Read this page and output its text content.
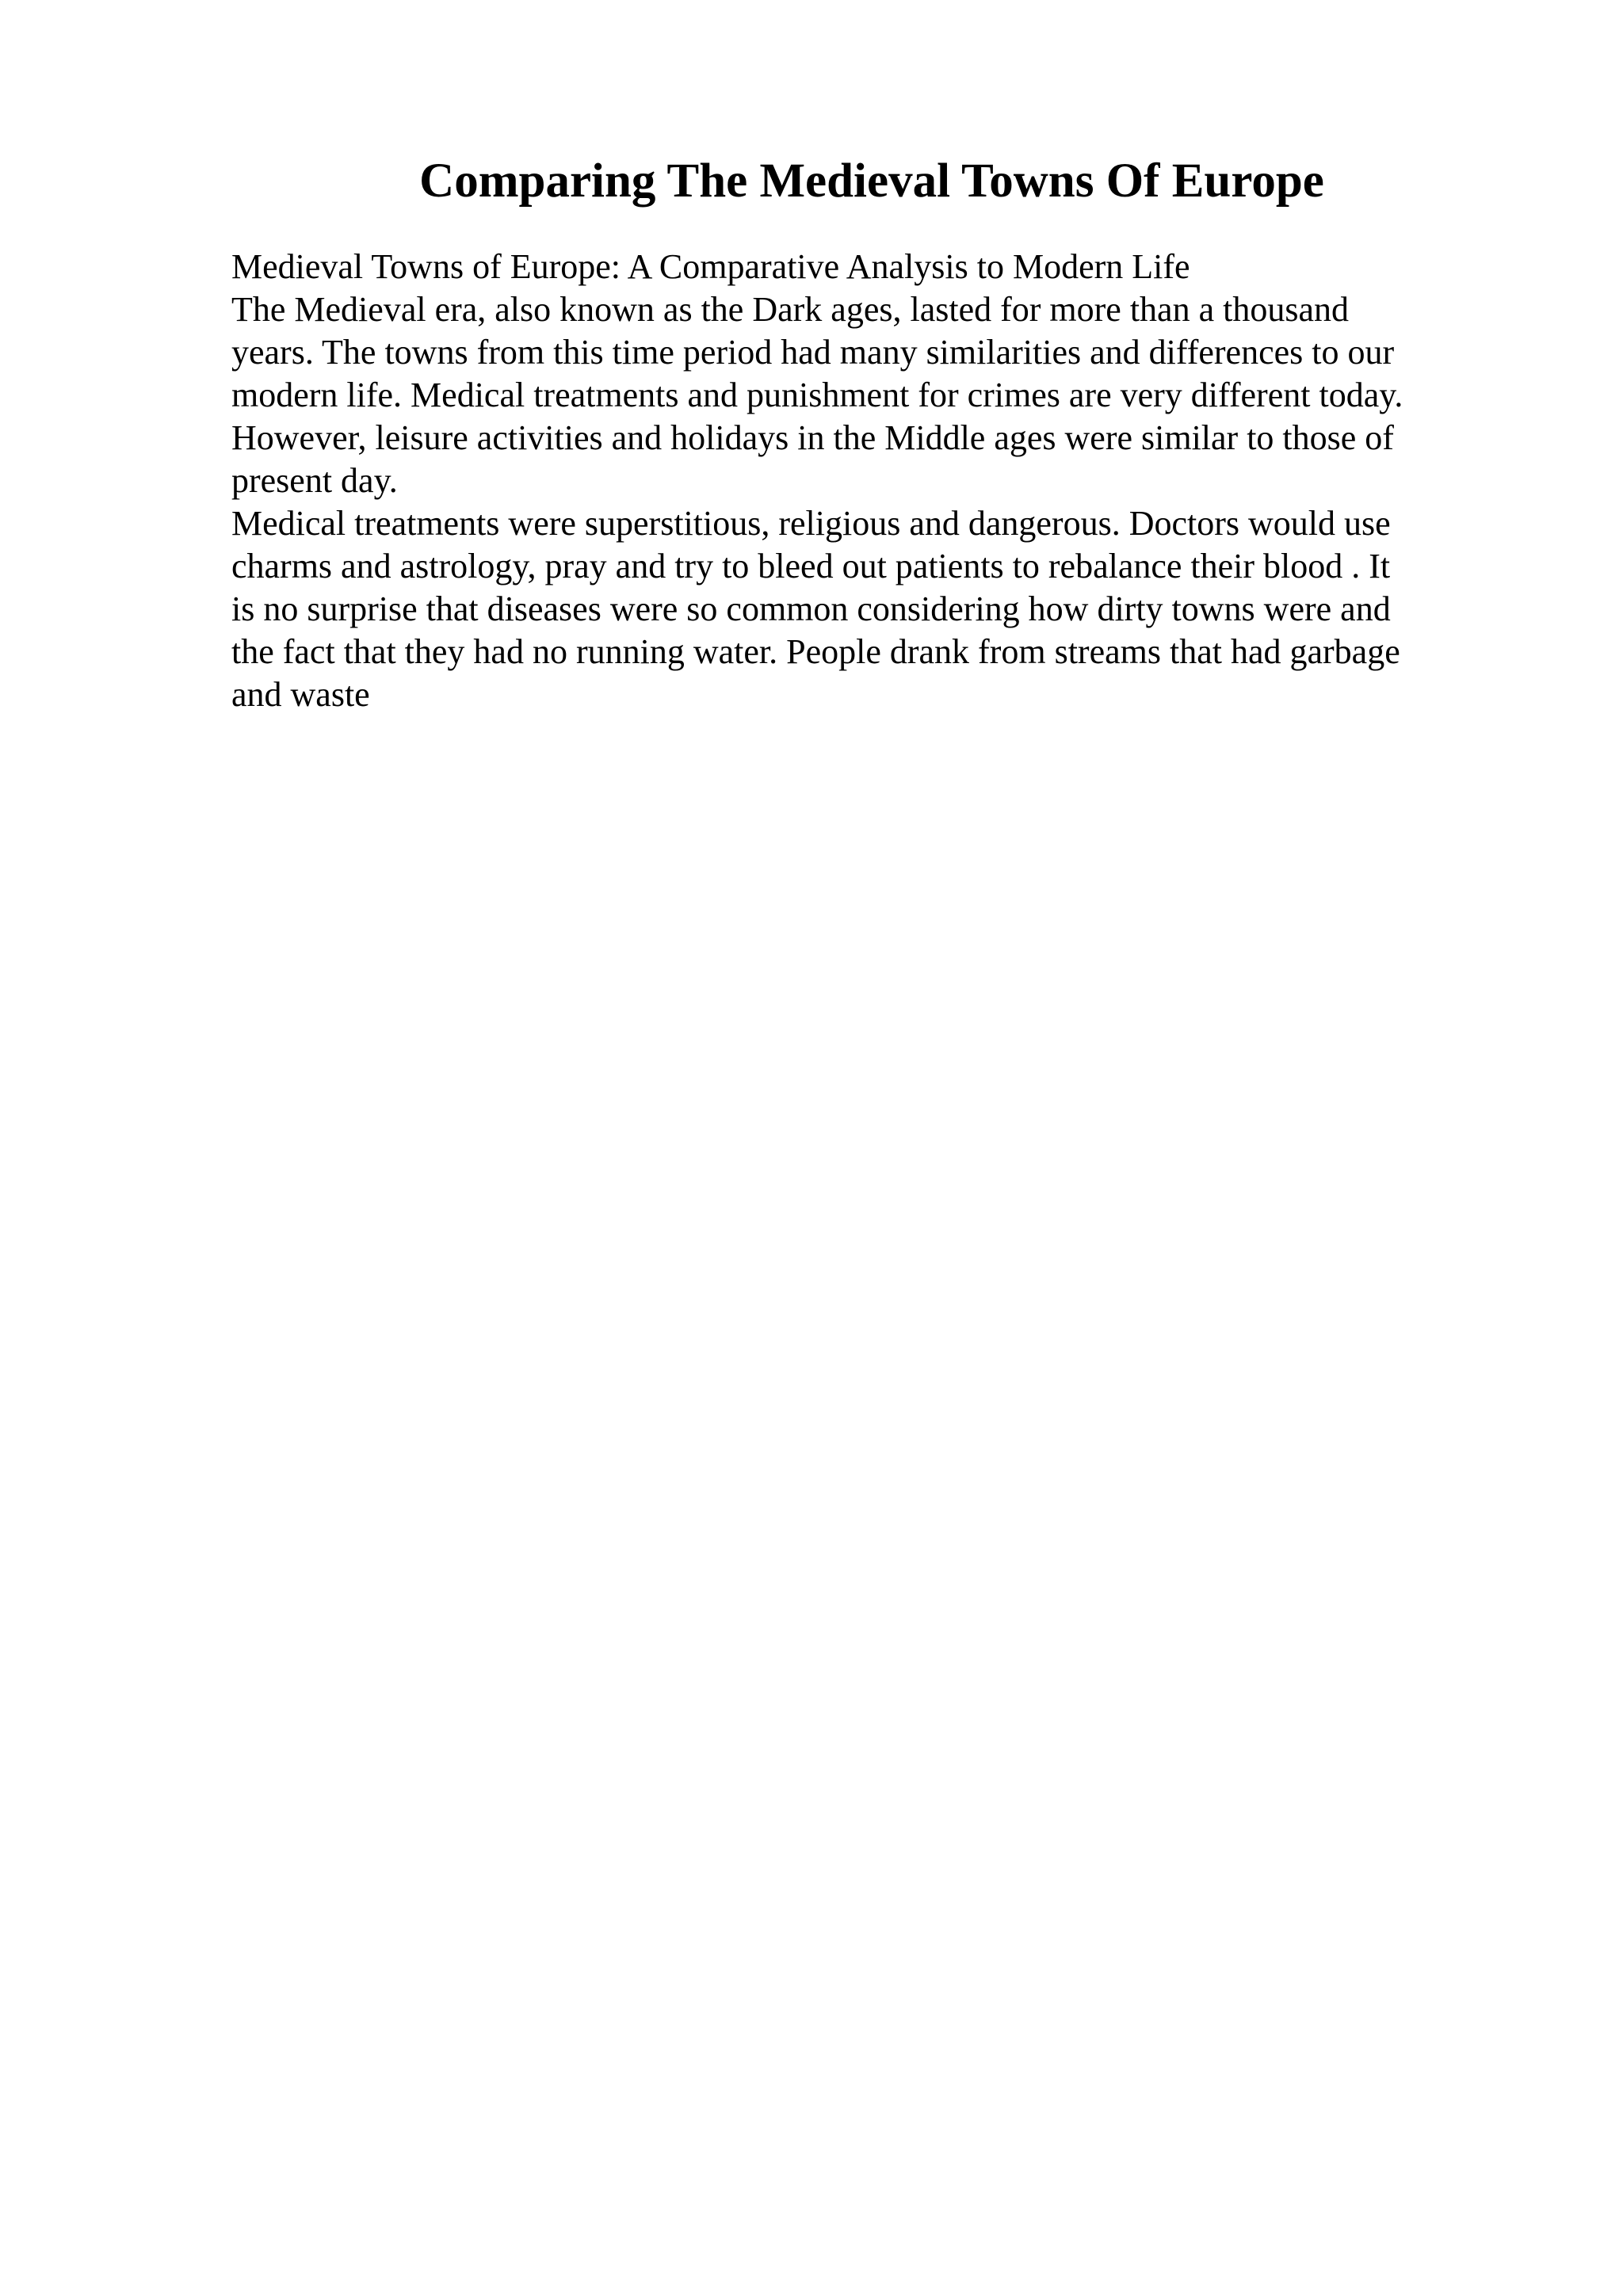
Comparing The Medieval Towns Of Europe
Medieval Towns of Europe: A Comparative Analysis to Modern Life
The Medieval era, also known as the Dark ages, lasted for more than a thousand
years. The towns from this time period had many similarities and differences to our
modern life. Medical treatments and punishment for crimes are very different today.
However, leisure activities and holidays in the Middle ages were similar to those of
present day.
Medical treatments were superstitious, religious and dangerous. Doctors would use
charms and astrology, pray and try to bleed out patients to rebalance their blood . It
is no surprise that diseases were so common considering how dirty towns were and
the fact that they had no running water. People drank from streams that had garbage
and waste
